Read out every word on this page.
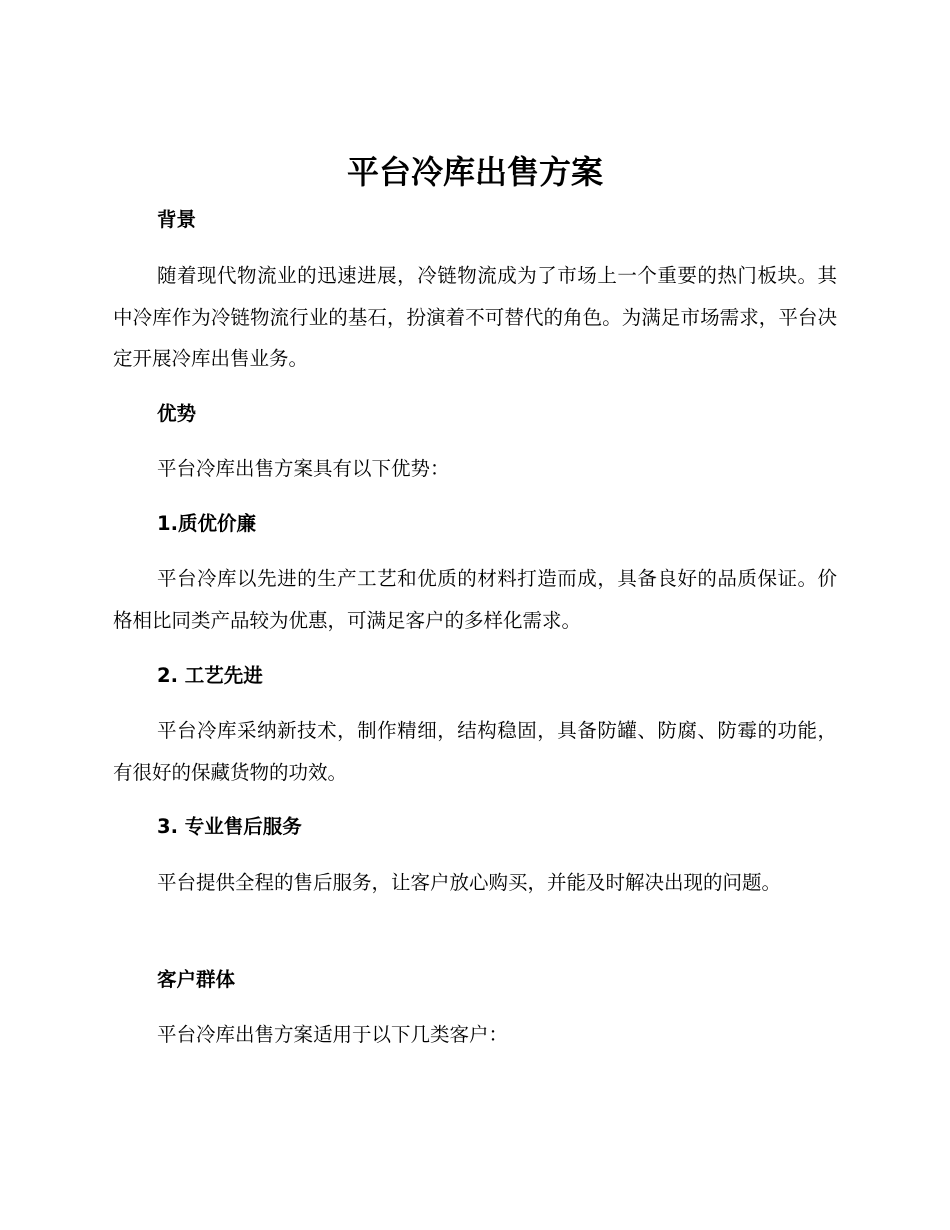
平台冷库出售方案
背景

随着现代物流业的迅速进展，冷链物流成为了市场上一个重要的热门板块。其中冷库作为冷链物流行业的基石，扮演着不可替代的角色。为满足市场需求，平台决定开展冷库出售业务。

优势

平台冷库出售方案具有以下优势：

1.质优价廉

平台冷库以先进的生产工艺和优质的材料打造而成，具备良好的品质保证。价格相比同类产品较为优惠，可满足客户的多样化需求。

2. 工艺先进

平台冷库采纳新技术，制作精细，结构稳固，具备防罐、防腐、防霉的功能，有很好的保藏货物的功效。

3. 专业售后服务

平台提供全程的售后服务，让客户放心购买，并能及时解决出现的问题。

客户群体

平台冷库出售方案适用于以下几类客户：
